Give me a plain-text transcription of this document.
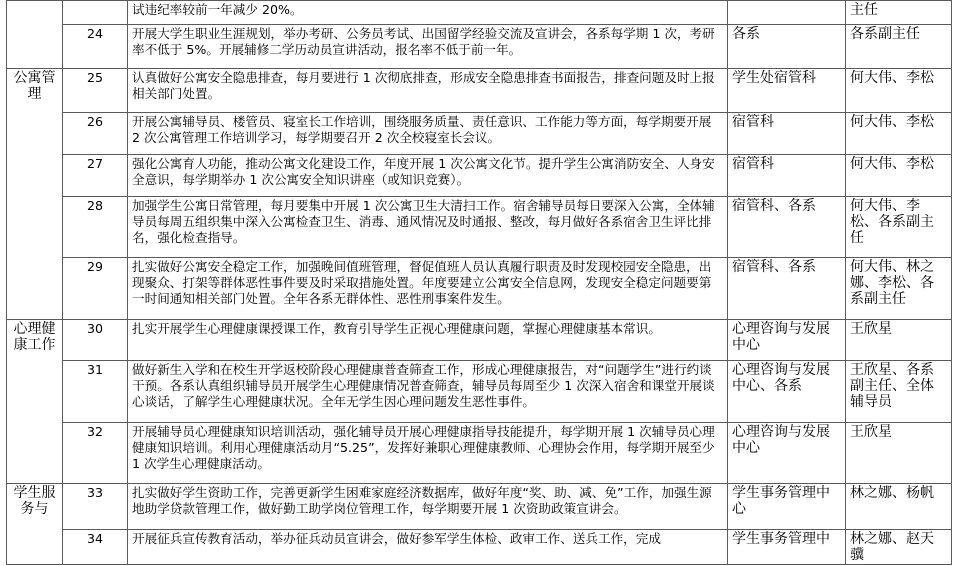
		试违纪率较前一年减少 20%。		主任
	24	开展大学生职业生涯规划，举办考研、公务员考试、出国留学经验交流及宣讲会，各系每学期 1 次，考研率不低于 5%。开展辅修二学历动员宣讲活动，报名率不低于前一年。	各系	各系副主任
公寓管理	25	认真做好公寓安全隐患排查，每月要进行 1 次彻底排查，形成安全隐患排查书面报告，排查问题及时上报相关部门处置。	学生处宿管科	何大伟、李松
	26	开展公寓辅导员、楼管员、寝室长工作培训，围绕服务质量、责任意识、工作能力等方面，每学期要开展 2 次公寓管理工作培训学习，每学期要召开 2 次全校寝室长会议。	宿管科	何大伟、李松
	27	强化公寓育人功能，推动公寓文化建设工作，年度开展 1 次公寓文化节。提升学生公寓消防安全、人身安全意识，每学期举办 1 次公寓安全知识讲座（或知识竞赛）。	宿管科	何大伟、李松
	28	加强学生公寓日常管理，每月要集中开展 1 次公寓卫生大清扫工作。宿舍辅导员每日要深入公寓，全体辅导员每周五组织集中深入公寓检查卫生、消毒、通风情况及时通报、整改，每月做好各系宿舍卫生评比排名，强化检查指导。	宿管科、各系	何大伟、李松、各系副主任
	29	扎实做好公寓安全稳定工作，加强晚间值班管理，督促值班人员认真履行职责及时发现校园安全隐患，出现聚众、打架等群体恶性事件要及时采取措施处置。年度要建立公寓安全信息网，发现安全稳定问题要第一时间通知相关部门处置。全年各系无群体性、恶性刑事案件发生。	宿管科、各系	何大伟、林之娜、李松、各系副主任
心理健康工作	30	扎实开展学生心理健康课授课工作，教育引导学生正视心理健康问题，掌握心理健康基本常识。	心理咨询与发展中心	王欣星
	31	做好新生入学和在校生开学返校阶段心理健康普查筛查工作，形成心理健康报告，对“问题学生”进行约谈干预。各系认真组织辅导员开展学生心理健康情况普查筛查，辅导员每周至少 1 次深入宿舍和课堂开展谈心谈话，了解学生心理健康状况。全年无学生因心理问题发生恶性事件。	心理咨询与发展中心、各系	王欣星、各系副主任、全体辅导员
	32	开展辅导员心理健康知识培训活动，强化辅导员开展心理健康指导技能提升，每学期开展 1 次辅导员心理健康知识培训。利用心理健康活动月“5.25”，发挥好兼职心理健康教师、心理协会作用，每学期开展至少 1 次学生心理健康活动。	心理咨询与发展中心	王欣星
学生服务与	33	扎实做好学生资助工作，完善更新学生困难家庭经济数据库，做好年度“奖、助、减、免”工作，加强生源地助学贷款管理工作，做好勤工助学岗位管理工作，每学期要开展 1 次资助政策宣讲会。	学生事务管理中心	林之娜、杨帆
	34	开展征兵宣传教育活动，举办征兵动员宣讲会，做好参军学生体检、政审工作、送兵工作，完成	学生事务管理中	林之娜、赵天骥
